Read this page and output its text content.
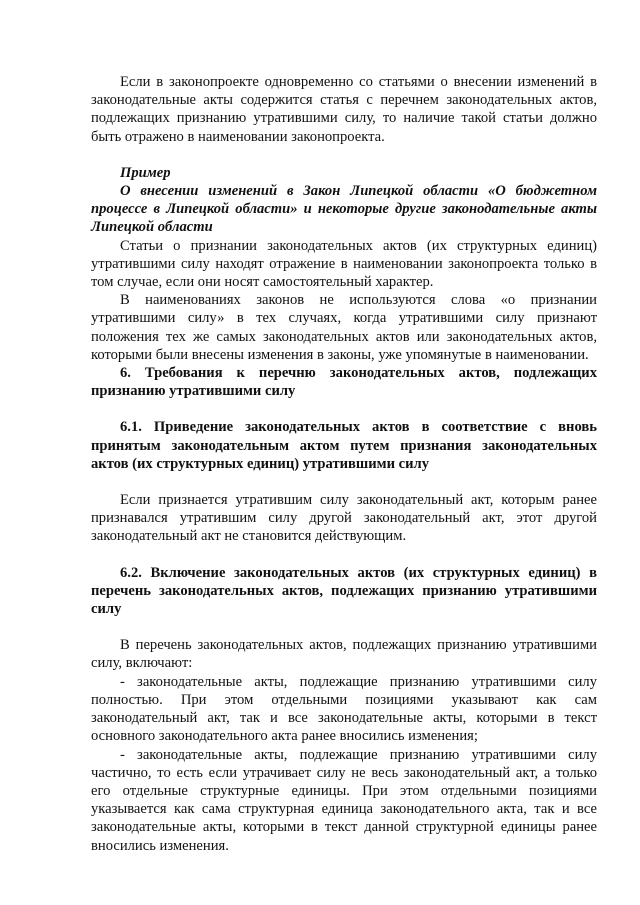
Если в законопроекте одновременно со статьями о внесении изменений в законодательные акты содержится статья с перечнем законодательных актов, подлежащих признанию утратившими силу, то наличие такой статьи должно быть отражено в наименовании законопроекта.

Пример

О внесении изменений в Закон Липецкой области «О бюджетном процессе в Липецкой области» и некоторые другие законодательные акты Липецкой области

Статьи о признании законодательных актов (их структурных единиц) утратившими силу находят отражение в наименовании законопроекта только в том случае, если они носят самостоятельный характер.

В наименованиях законов не используются слова «о признании утратившими силу» в тех случаях, когда утратившими силу признают положения тех же самых законодательных актов или законодательных актов, которыми были внесены изменения в законы, уже упомянутые в наименовании.

6. Требования к перечню законодательных актов, подлежащих признанию утратившими силу

6.1. Приведение законодательных актов в соответствие с вновь принятым законодательным актом путем признания законодательных актов (их структурных единиц) утратившими силу

Если признается утратившим силу законодательный акт, которым ранее признавался утратившим силу другой законодательный акт, этот другой законодательный акт не становится действующим.

6.2. Включение законодательных актов (их структурных единиц) в перечень законодательных актов, подлежащих признанию утратившими силу

В перечень законодательных актов, подлежащих признанию утратившими силу, включают:

- законодательные акты, подлежащие признанию утратившими силу полностью. При этом отдельными позициями указывают как сам законодательный акт, так и все законодательные акты, которыми в текст основного законодательного акта ранее вносились изменения;

- законодательные акты, подлежащие признанию утратившими силу частично, то есть если утрачивает силу не весь законодательный акт, а только его отдельные структурные единицы. При этом отдельными позициями указывается как сама структурная единица законодательного акта, так и все законодательные акты, которыми в текст данной структурной единицы ранее вносились изменения.
